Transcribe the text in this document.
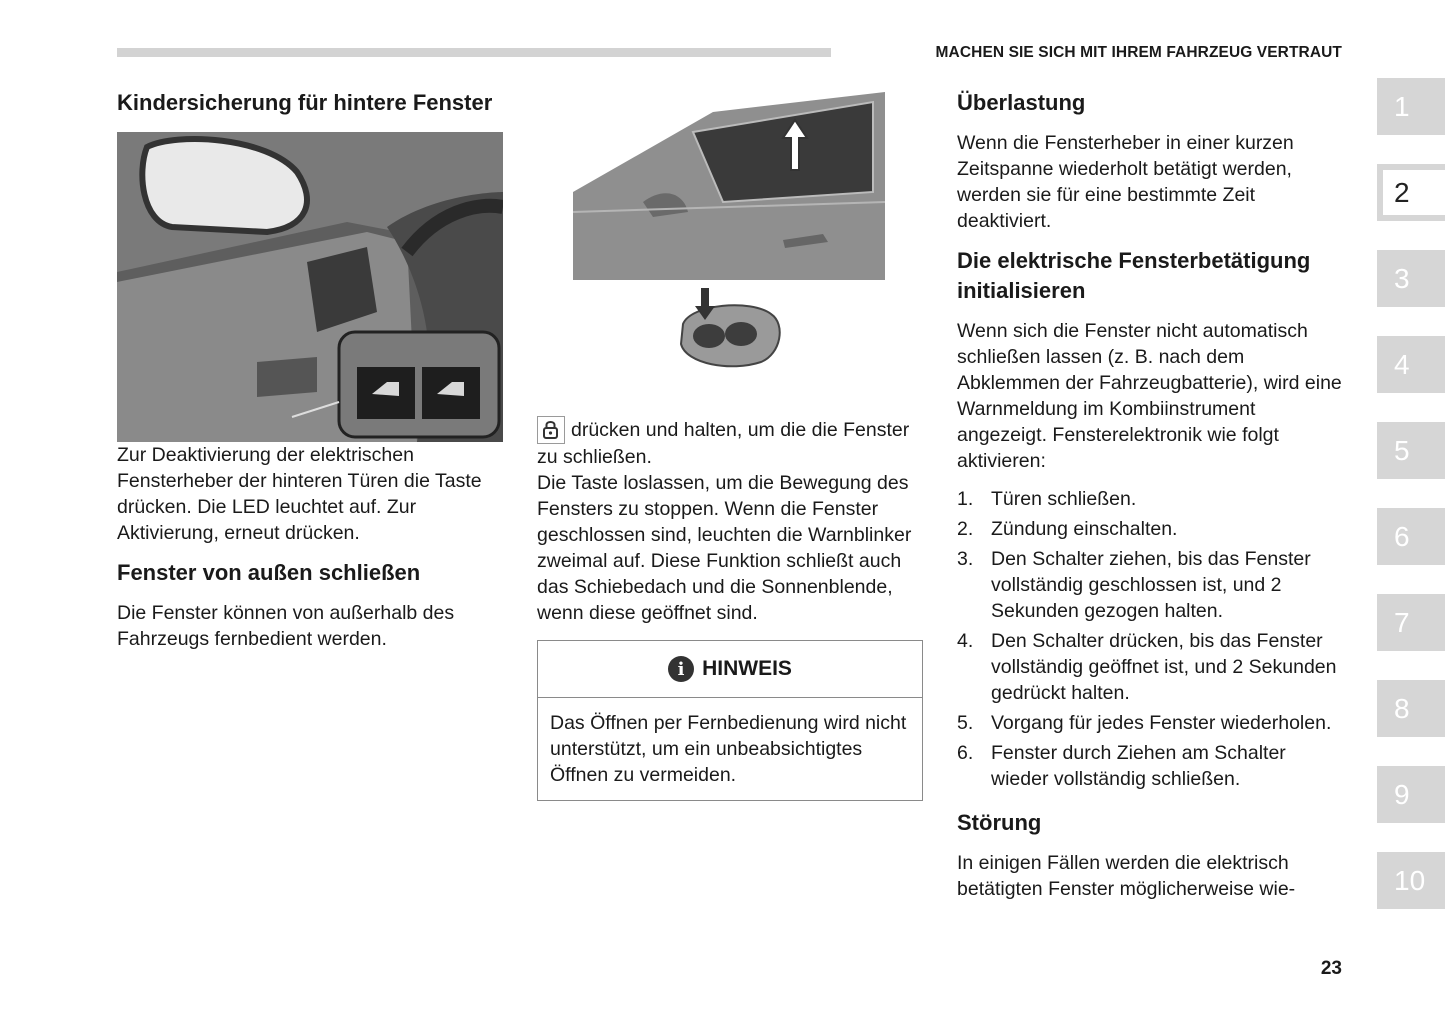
MACHEN SIE SICH MIT IHREM FAHRZEUG VERTRAUT
Kindersicherung für hintere Fenster

Zur Deaktivierung der elektrischen Fensterheber der hinteren Türen die Taste drücken. Die LED leuchtet auf. Zur Aktivierung, erneut drücken.

Fenster von außen schließen

Die Fenster können von außerhalb des Fahrzeugs fernbedient werden.

drücken und halten, um die die Fenster zu schließen.

Die Taste loslassen, um die Bewegung des Fensters zu stoppen. Wenn die Fenster geschlossen sind, leuchten die Warnblinker zweimal auf. Diese Funktion schließt auch das Schiebedach und die Sonnenblende, wenn diese geöffnet sind.

i HINWEIS

Das Öffnen per Fernbedienung wird nicht unterstützt, um ein unbeabsichtigtes Öffnen zu vermeiden.

Überlastung

Wenn die Fensterheber in einer kurzen Zeitspanne wiederholt betätigt werden, werden sie für eine bestimmte Zeit deaktiviert.

Die elektrische Fensterbetätigung initialisieren

Wenn sich die Fenster nicht automatisch schließen lassen (z. B. nach dem Abklemmen der Fahrzeugbatterie), wird eine Warnmeldung im Kombiinstrument angezeigt. Fensterelektronik wie folgt aktivieren:

1. Türen schließen.
2. Zündung einschalten.
3. Den Schalter ziehen, bis das Fenster vollständig geschlossen ist, und 2 Sekunden gezogen halten.
4. Den Schalter drücken, bis das Fenster vollständig geöffnet ist, und 2 Sekunden gedrückt halten.
5. Vorgang für jedes Fenster wiederholen.
6. Fenster durch Ziehen am Schalter wieder vollständig schließen.
Störung

In einigen Fällen werden die elektrisch betätigten Fenster möglicherweise wie-

1
2
3
4
5
6
7
8
9
10
23
